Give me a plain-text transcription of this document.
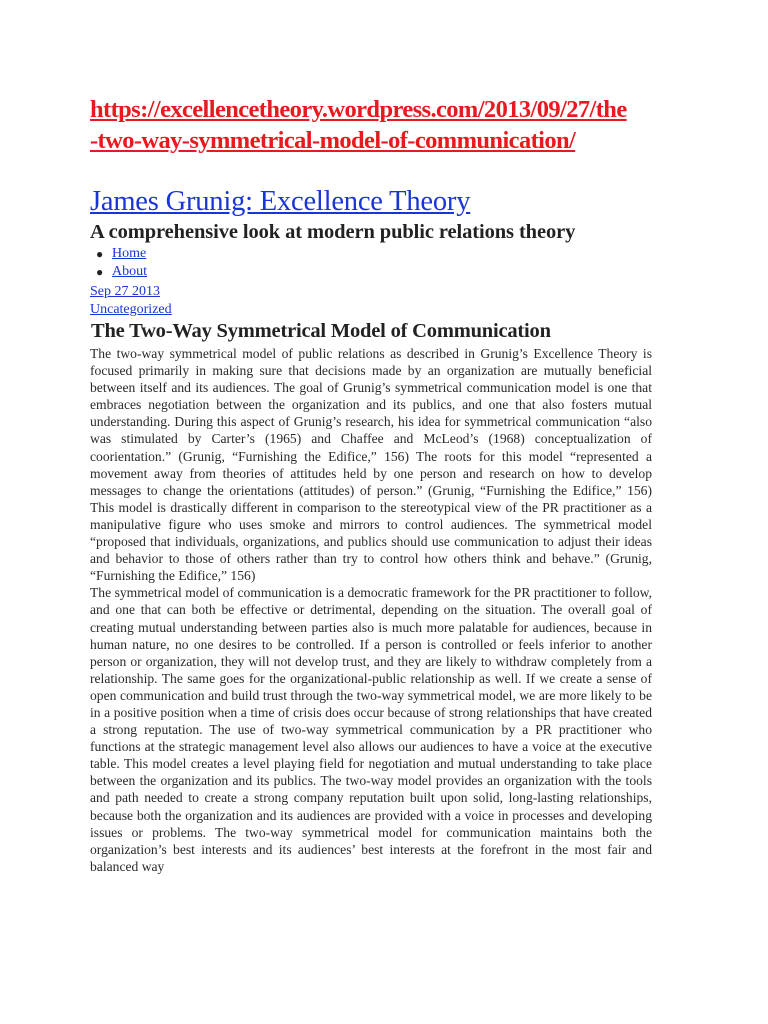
https://excellencetheory.wordpress.com/2013/09/27/the
-two-way-symmetrical-model-of-communication/
James Grunig: Excellence Theory
A comprehensive look at modern public relations theory
● Home
● About
Sep 27 2013
Uncategorized
The Two-Way Symmetrical Model of Communication

The two-way symmetrical model of public relations as described in Grunig’s Excellence Theory is focused primarily in making sure that decisions made by an organization are mutually beneficial between itself and its audiences. The goal of Grunig’s symmetrical communication model is one that embraces negotiation between the organization and its publics, and one that also fosters mutual understanding. During this aspect of Grunig’s research, his idea for symmetrical communication “also was stimulated by Carter’s (1965) and Chaffee and McLeod’s (1968) conceptualization of coorientation.” (Grunig, “Furnishing the Edifice,” 156) The roots for this model “represented a movement away from theories of attitudes held by one person and research on how to develop messages to change the orientations (attitudes) of person.” (Grunig, “Furnishing the Edifice,” 156) This model is drastically different in comparison to the stereotypical view of the PR practitioner as a manipulative figure who uses smoke and mirrors to control audiences. The symmetrical model “proposed that individuals, organizations, and publics should use communication to adjust their ideas and behavior to those of others rather than try to control how others think and behave.” (Grunig, “Furnishing the Edifice,” 156)

The symmetrical model of communication is a democratic framework for the PR practitioner to follow, and one that can both be effective or detrimental, depending on the situation. The overall goal of creating mutual understanding between parties also is much more palatable for audiences, because in human nature, no one desires to be controlled. If a person is controlled or feels inferior to another person or organization, they will not develop trust, and they are likely to withdraw completely from a relationship. The same goes for the organizational-public relationship as well. If we create a sense of open communication and build trust through the two-way symmetrical model, we are more likely to be in a positive position when a time of crisis does occur because of strong relationships that have created a strong reputation. The use of two-way symmetrical communication by a PR practitioner who functions at the strategic management level also allows our audiences to have a voice at the executive table. This model creates a level playing field for negotiation and mutual understanding to take place between the organization and its publics. The two-way model provides an organization with the tools and path needed to create a strong company reputation built upon solid, long-lasting relationships, because both the organization and its audiences are provided with a voice in processes and developing issues or problems. The two-way symmetrical model for communication maintains both the organization’s best interests and its audiences’ best interests at the forefront in the most fair and balanced way
